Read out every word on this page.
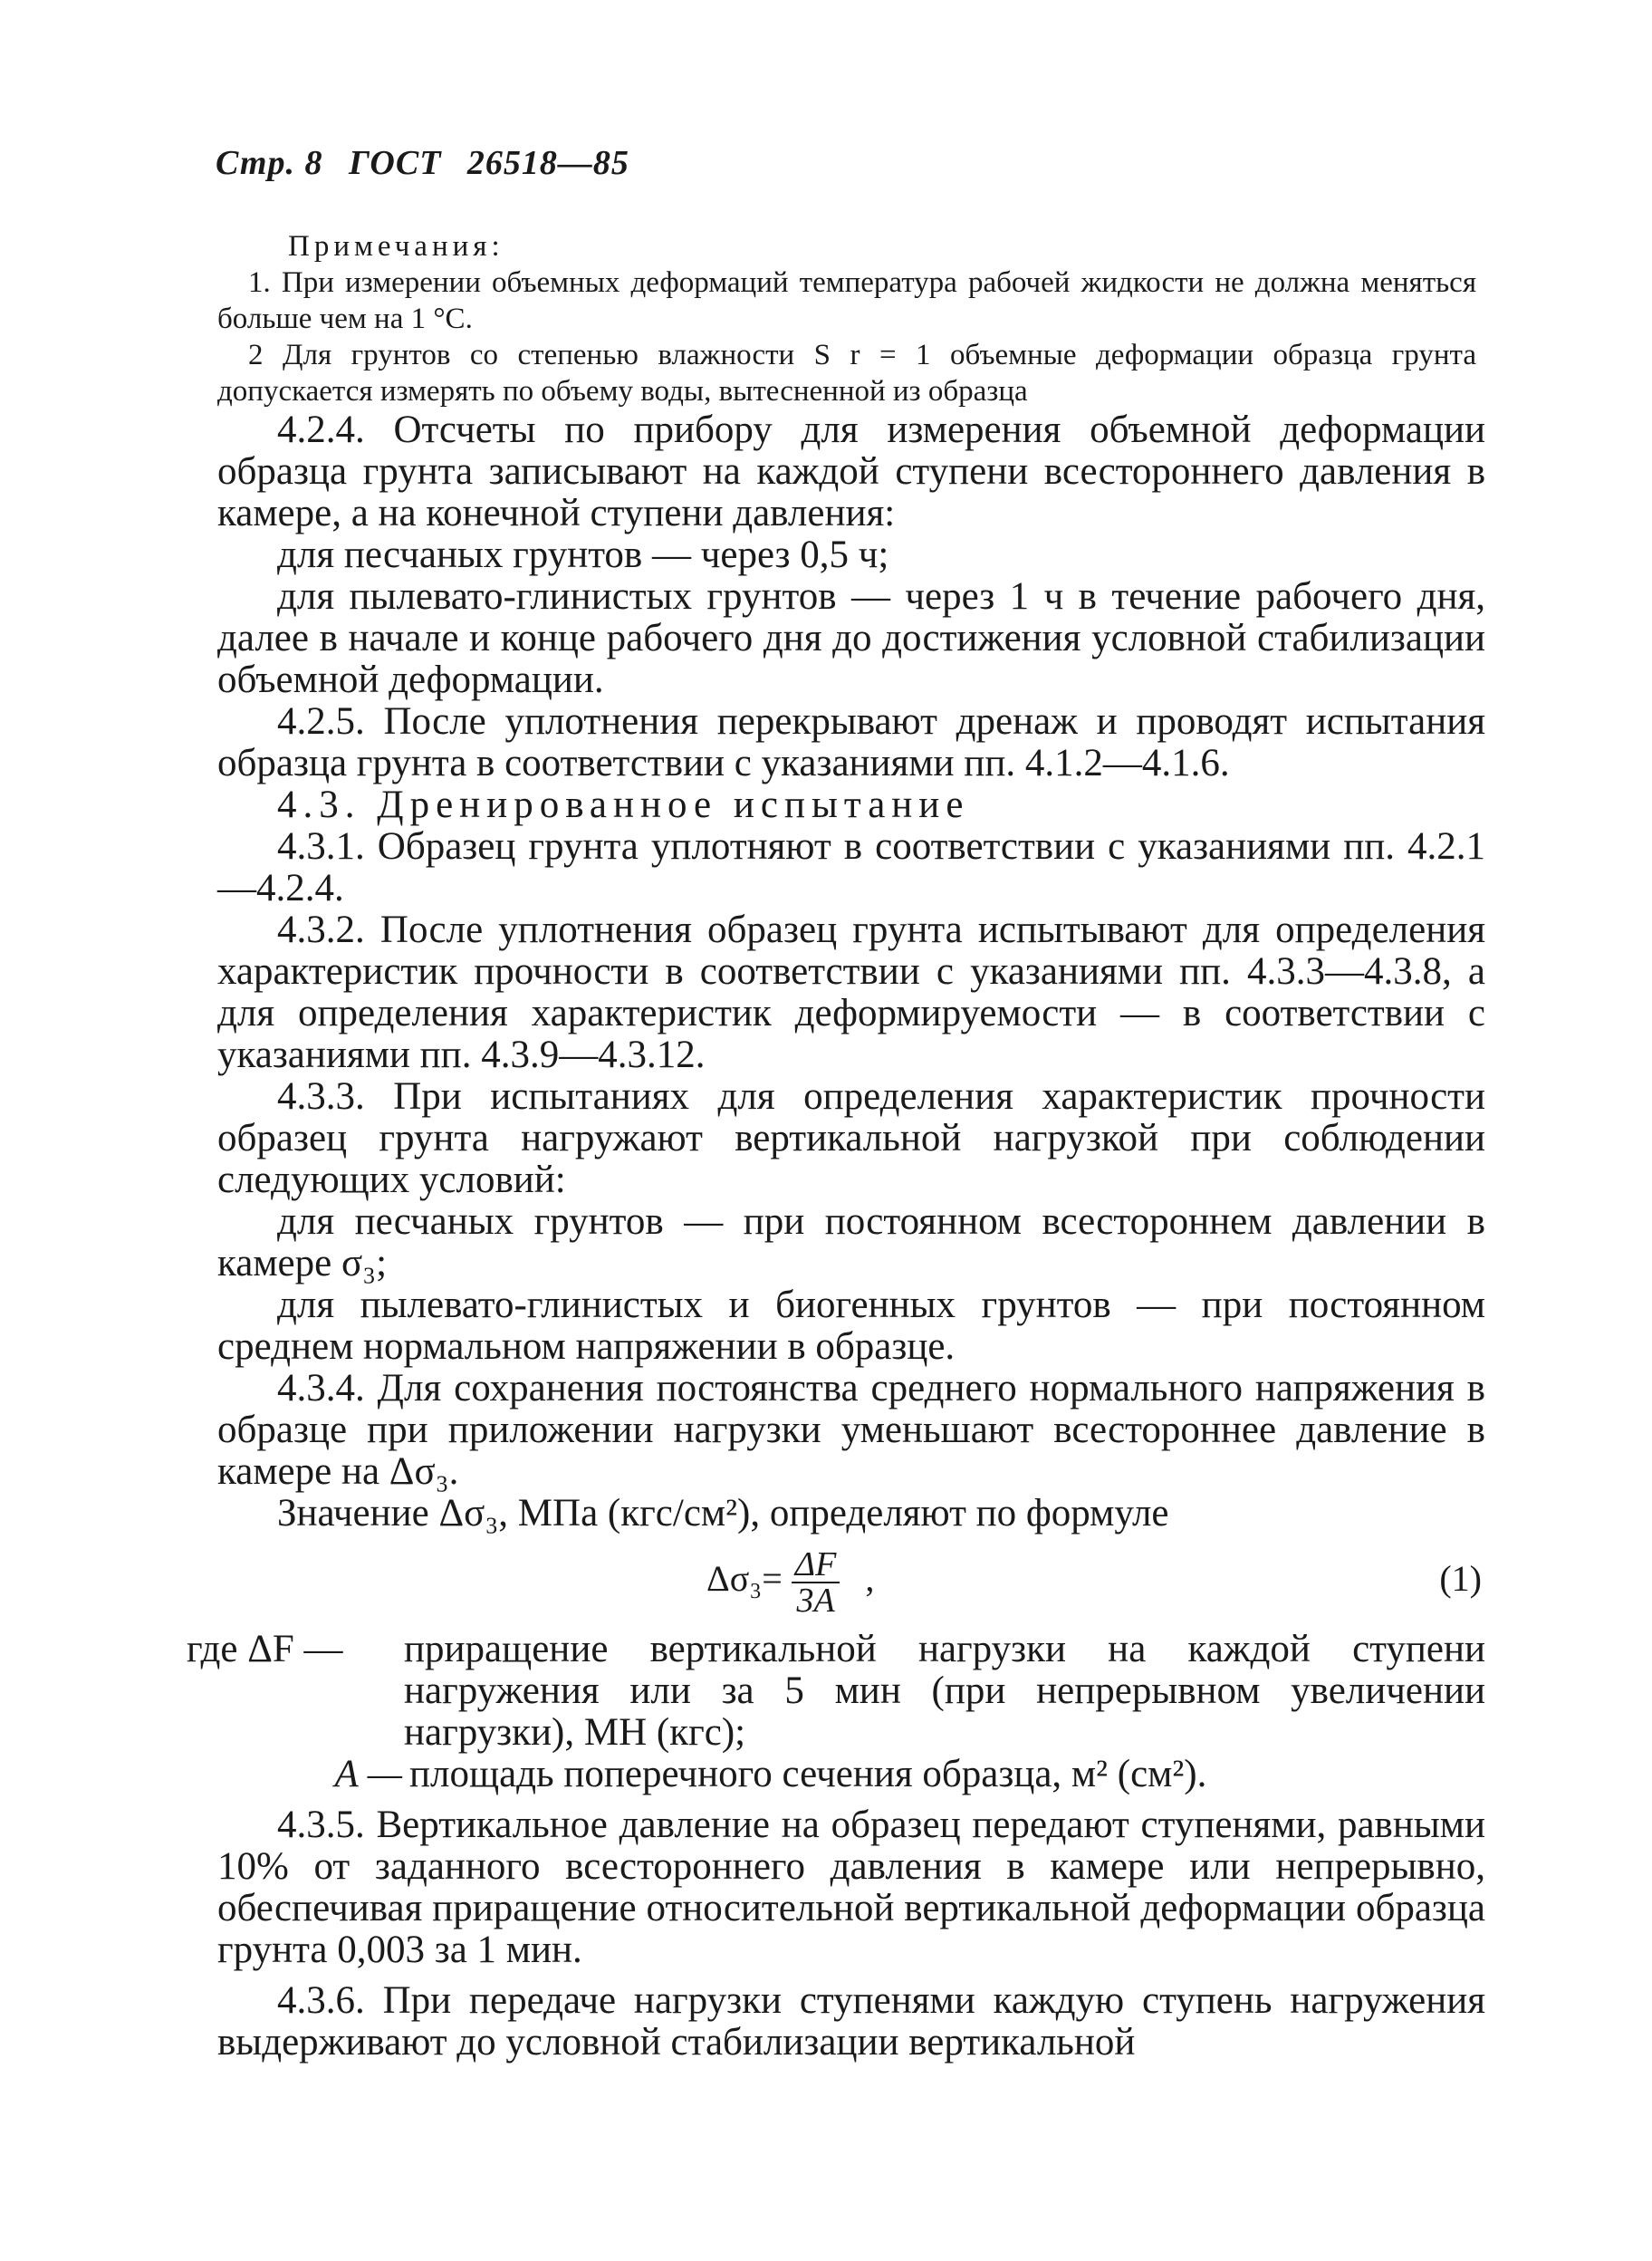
Стр. 8 ГОСТ 26518—85

Примечания:

1. При измерении объемных деформаций температура рабочей жидкости не должна меняться больше чем на 1 °С.

2 Для грунтов со степенью влажности S r = 1 объемные деформации образца грунта допускается измерять по объему воды, вытесненной из образца

4.2.4. Отсчеты по прибору для измерения объемной деформации образца грунта записывают на каждой ступени всестороннего давления в камере, а на конечной ступени давления:

для песчаных грунтов — через 0,5 ч;

для пылевато-глинистых грунтов — через 1 ч в течение рабочего дня, далее в начале и конце рабочего дня до достижения условной стабилизации объемной деформации.

4.2.5. После уплотнения перекрывают дренаж и проводят испытания образца грунта в соответствии с указаниями пп. 4.1.2—4.1.6.

4.3. Дренированное испытание

4.3.1. Образец грунта уплотняют в соответствии с указаниями пп. 4.2.1—4.2.4.

4.3.2. После уплотнения образец грунта испытывают для определения характеристик прочности в соответствии с указаниями пп. 4.3.3—4.3.8, а для определения характеристик деформируемости — в соответствии с указаниями пп. 4.3.9—4.3.12.

4.3.3. При испытаниях для определения характеристик прочности образец грунта нагружают вертикальной нагрузкой при соблюдении следующих условий:

для песчаных грунтов — при постоянном всестороннем давлении в камере σ₃;

для пылевато-глинистых и биогенных грунтов — при постоянном среднем нормальном напряжении в образце.

4.3.4. Для сохранения постоянства среднего нормального напряжения в образце при приложении нагрузки уменьшают всестороннее давление в камере на Δσ₃.

Значение Δσ₃, МПа (кгс/см²), определяют по формуле

$\Delta\sigma_3= \frac{\Delta F}{3A}$ ,	(1)
где ΔF —	приращение вертикальной нагрузки на каждой ступени нагружения или за 5 мин (при непрерывном увеличении нагрузки), МН (кгс);
A — площадь поперечного сечения образца, м² (см²).

4.3.5. Вертикальное давление на образец передают ступенями, равными 10% от заданного всестороннего давления в камере или непрерывно, обеспечивая приращение относительной вертикальной деформации образца грунта 0,003 за 1 мин.

4.3.6. При передаче нагрузки ступенями каждую ступень нагружения выдерживают до условной стабилизации вертикальной
